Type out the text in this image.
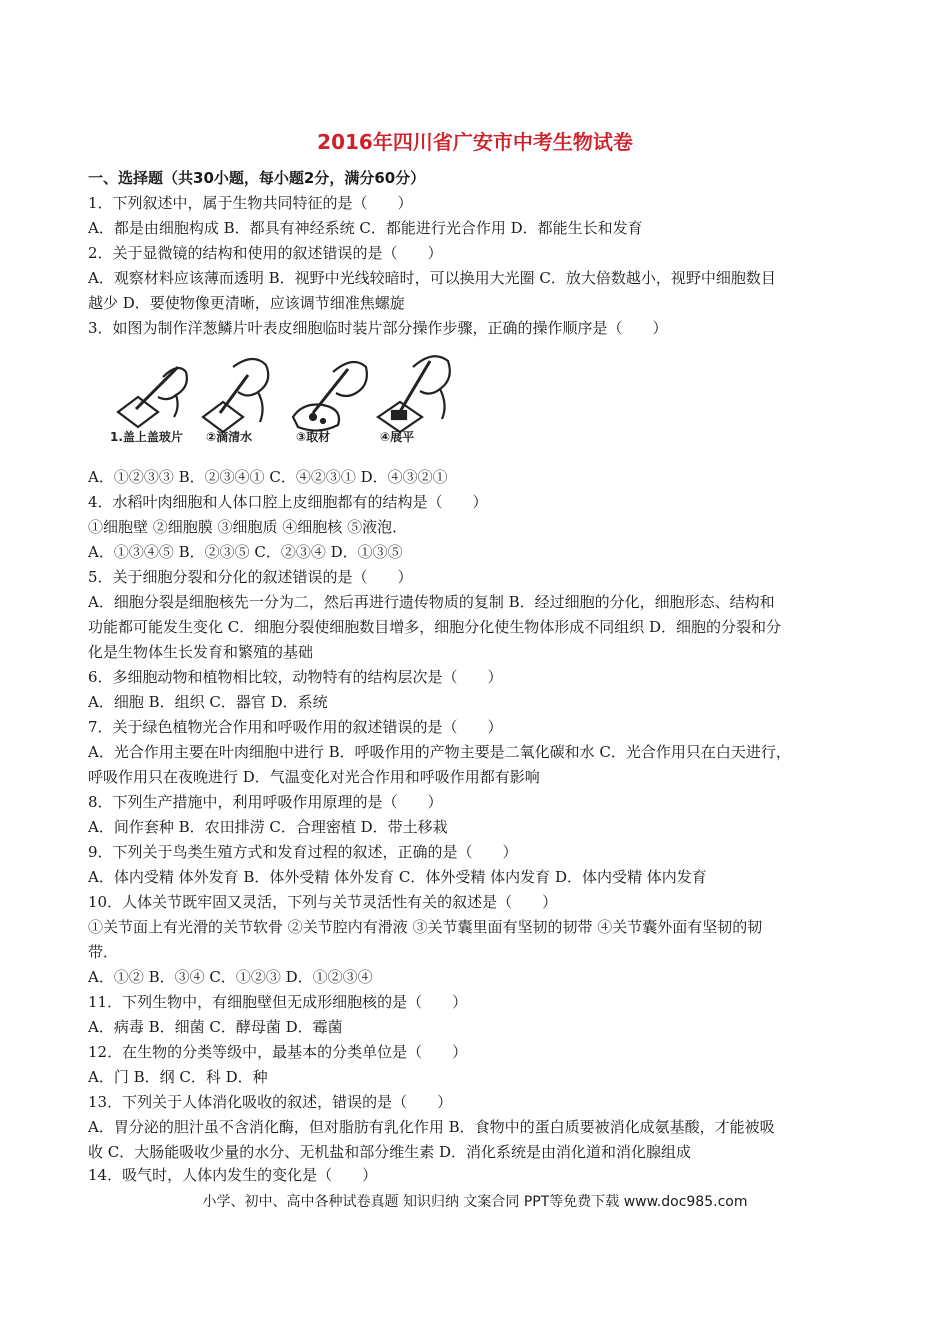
2016年四川省广安市中考生物试卷
一、选择题（共30小题，每小题2分，满分60分）
1．下列叙述中，属于生物共同特征的是（　　）
A．都是由细胞构成 B．都具有神经系统 C．都能进行光合作用 D．都能生长和发育
2．关于显微镜的结构和使用的叙述错误的是（　　）
A．观察材料应该薄而透明 B．视野中光线较暗时，可以换用大光圈 C．放大倍数越小，视野中细胞数目
越少 D．要使物像更清晰，应该调节细准焦螺旋
3．如图为制作洋葱鳞片叶表皮细胞临时装片部分操作步骤，正确的操作顺序是（　　）
1.盖上盖玻片 ②滴清水	③取材	④展平
A．①②③③ B．②③④① C．④②③① D．④③②①
4．水稻叶肉细胞和人体口腔上皮细胞都有的结构是（　　）
①细胞壁 ②细胞膜 ③细胞质 ④细胞核 ⑤液泡．
A．①③④⑤ B．②③⑤ C．②③④ D．①③⑤
5．关于细胞分裂和分化的叙述错误的是（　　）
A．细胞分裂是细胞核先一分为二，然后再进行遗传物质的复制 B．经过细胞的分化，细胞形态、结构和
功能都可能发生变化 C．细胞分裂使细胞数目增多，细胞分化使生物体形成不同组织 D．细胞的分裂和分
化是生物体生长发育和繁殖的基础
6．多细胞动物和植物相比较，动物特有的结构层次是（　　）
A．细胞 B．组织 C．器官 D．系统
7．关于绿色植物光合作用和呼吸作用的叙述错误的是（　　）
A．光合作用主要在叶肉细胞中进行 B．呼吸作用的产物主要是二氧化碳和水 C．光合作用只在白天进行，
呼吸作用只在夜晚进行 D．气温变化对光合作用和呼吸作用都有影响
8．下列生产措施中，利用呼吸作用原理的是（　　）
A．间作套种 B．农田排涝 C．合理密植 D．带土移栽
9．下列关于鸟类生殖方式和发育过程的叙述，正确的是（　　）
A．体内受精 体外发育 B．体外受精 体外发育 C．体外受精 体内发育 D．体内受精 体内发育
10．人体关节既牢固又灵活，下列与关节灵活性有关的叙述是（　　）
①关节面上有光滑的关节软骨 ②关节腔内有滑液 ③关节囊里面有坚韧的韧带 ④关节囊外面有坚韧的韧
带．
A．①② B．③④ C．①②③ D．①②③④
11．下列生物中，有细胞壁但无成形细胞核的是（　　）
A．病毒 B．细菌 C．酵母菌 D．霉菌
12．在生物的分类等级中，最基本的分类单位是（　　）
A．门 B．纲 C．科 D．种
13．下列关于人体消化吸收的叙述，错误的是（　　）
A．胃分泌的胆汁虽不含消化酶，但对脂肪有乳化作用 B．食物中的蛋白质要被消化成氨基酸，才能被吸
收 C．大肠能吸收少量的水分、无机盐和部分维生素 D．消化系统是由消化道和消化腺组成
14．吸气时，人体内发生的变化是（　　）
小学、初中、高中各种试卷真题 知识归纳 文案合同 PPT等免费下载 www.doc985.com
